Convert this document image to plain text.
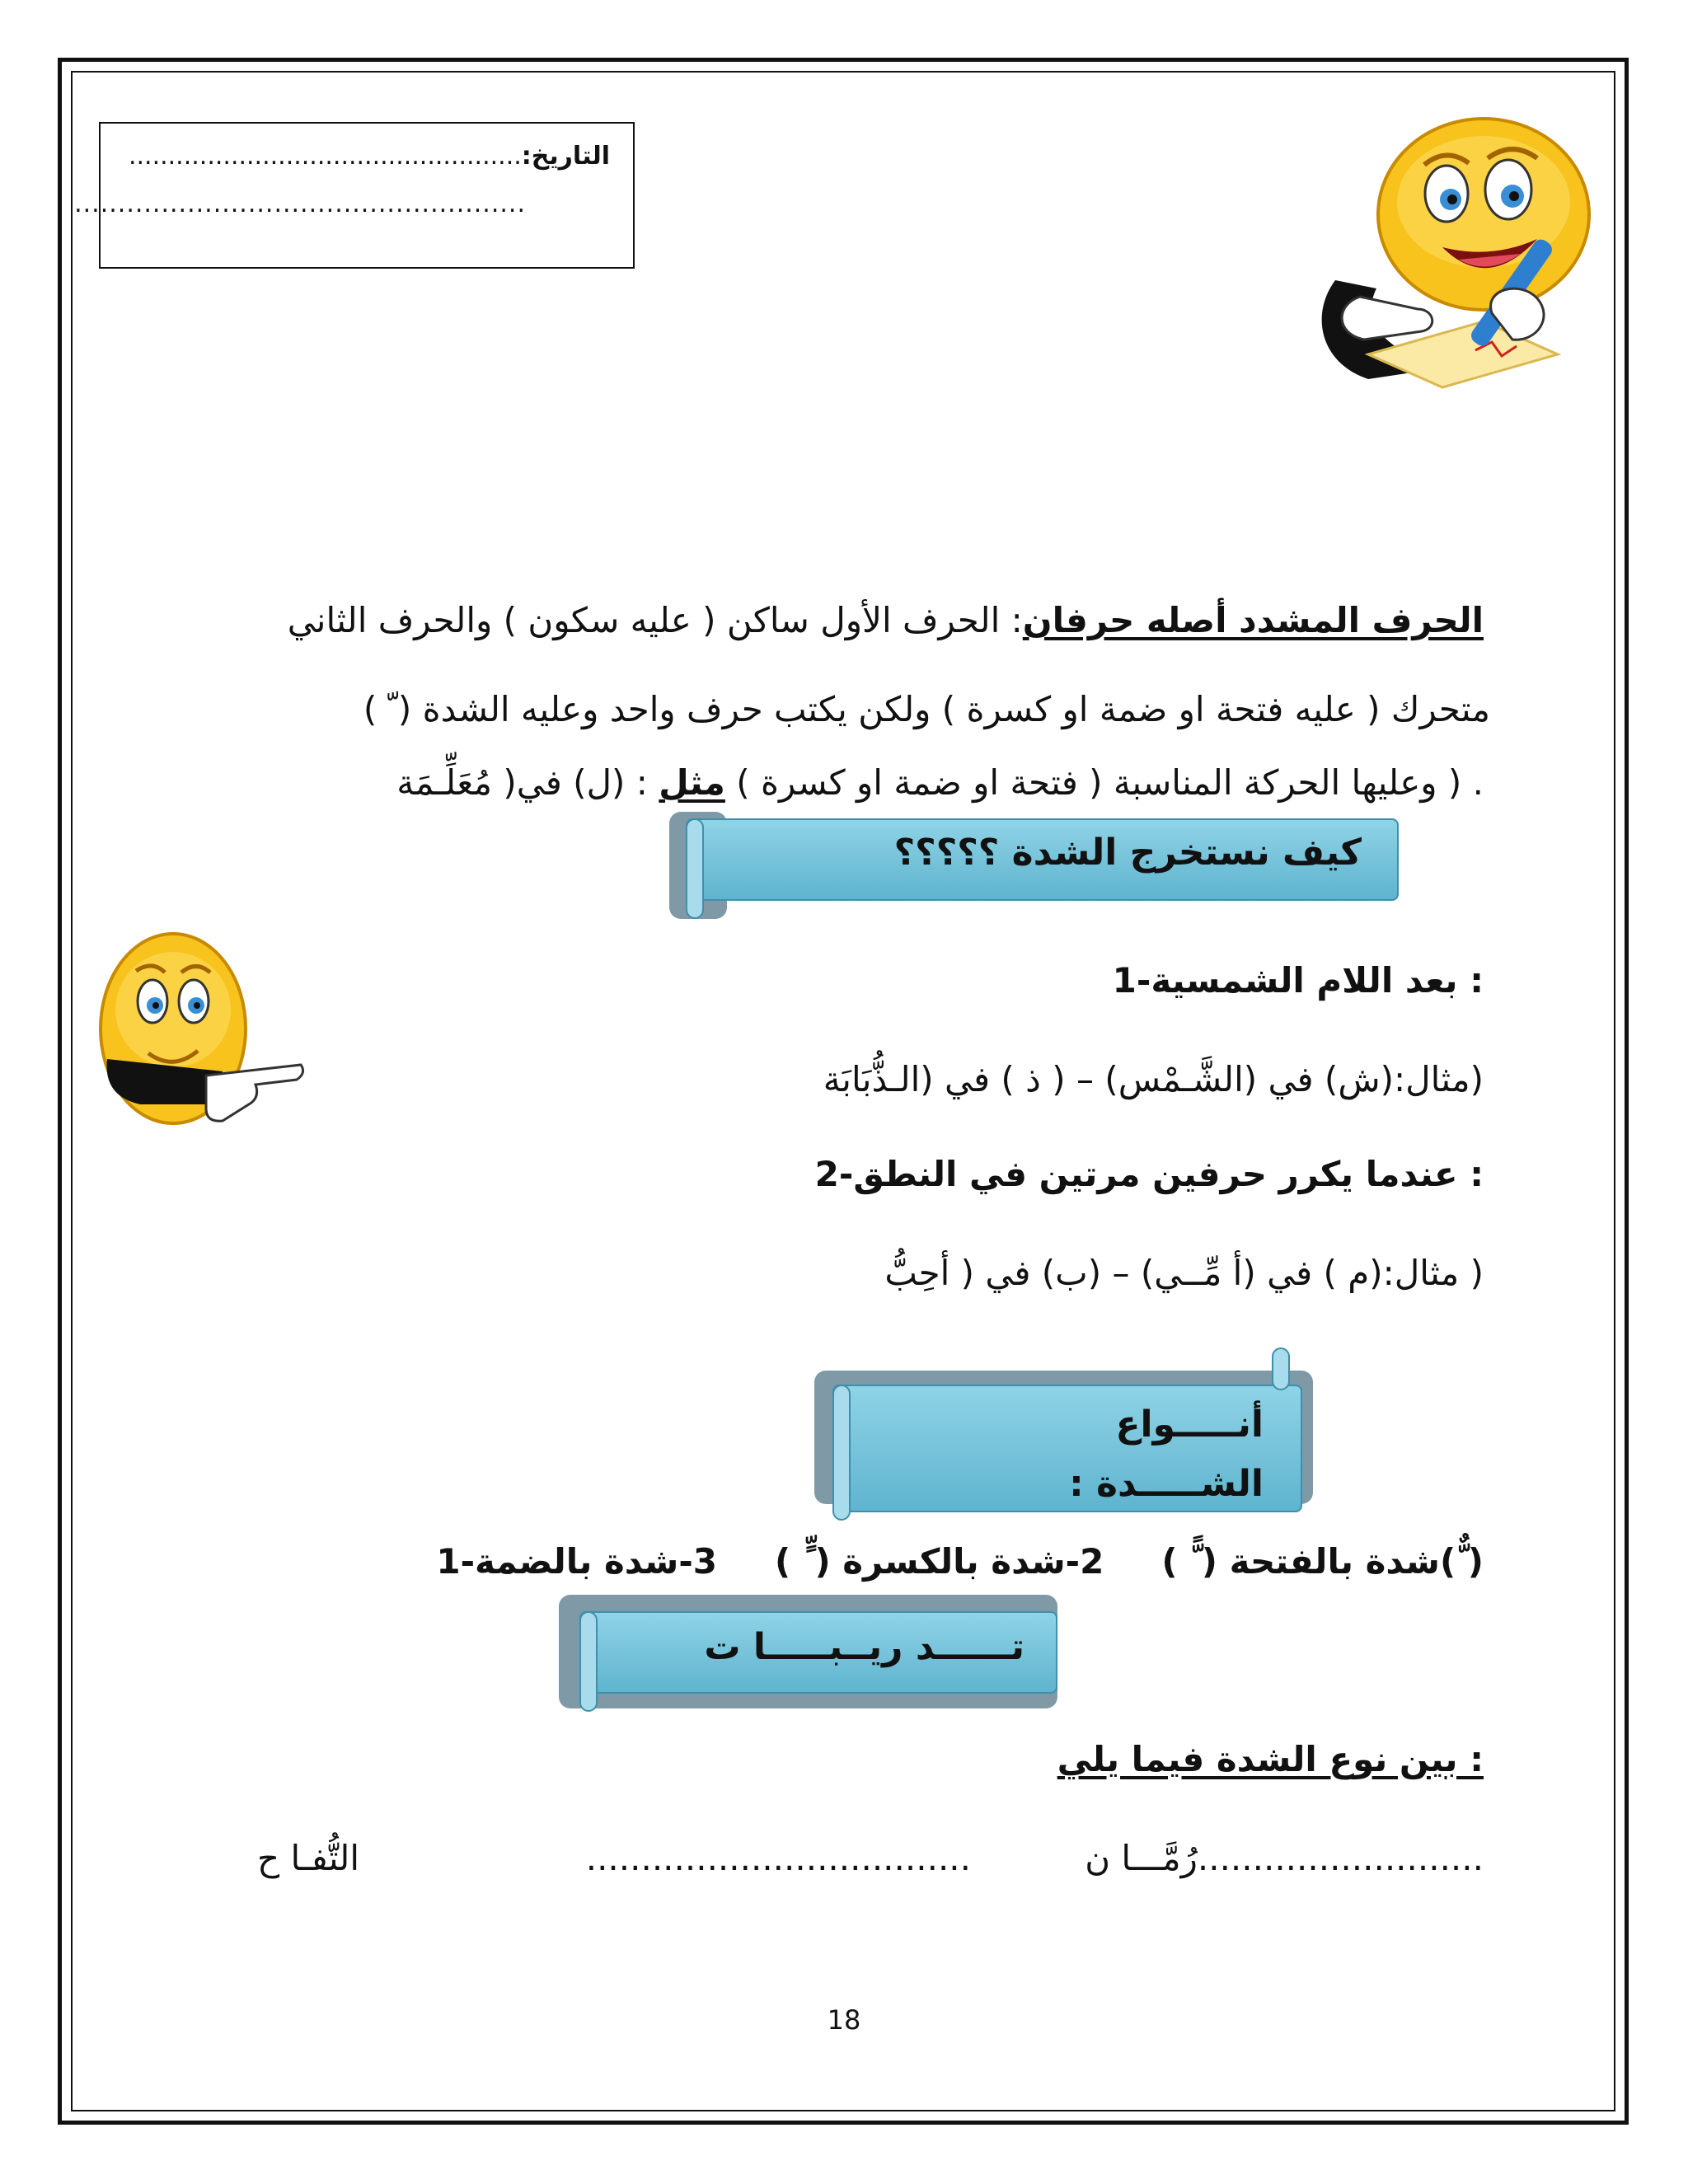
التاريخ:..................................................
....................................................
الحرف المشدد أصله حرفان: الحرف الأول ساكن ( عليه سكون ) والحرف الثاني
متحرك ( عليه فتحة او ضمة او كسرة ) ولكن يكتب حرف واحد وعليه الشدة ( ّ )
. ( وعليها الحركة المناسبة ( فتحة او ضمة او كسرة ) مثل : (ل) في( مُعَلِّـمَة
كيف نستخرج الشدة ؟؟؟؟؟
: بعد اللام الشمسية-1
(مثال:(ش) في (الشَّـمْس) – ( ذ ) في (الـذُّبَابَة
: عندما يكرر حرفين مرتين في النطق-2
( مثال:(م ) في (أ مِّــي) – (ب) في ( أحِبُّ
أنـــــواع
الشـــــدة :
( ٌّ)شدة بالفتحة ( ًّ )2-شدة بالكسرة ( ٍّ )3-شدة بالضمة-1
تــــــد ريــبـــــا ت
: بين نوع الشدة فيما يلي
..........................رُمَّـــا ن
...................................
التُّفـا ح
18
